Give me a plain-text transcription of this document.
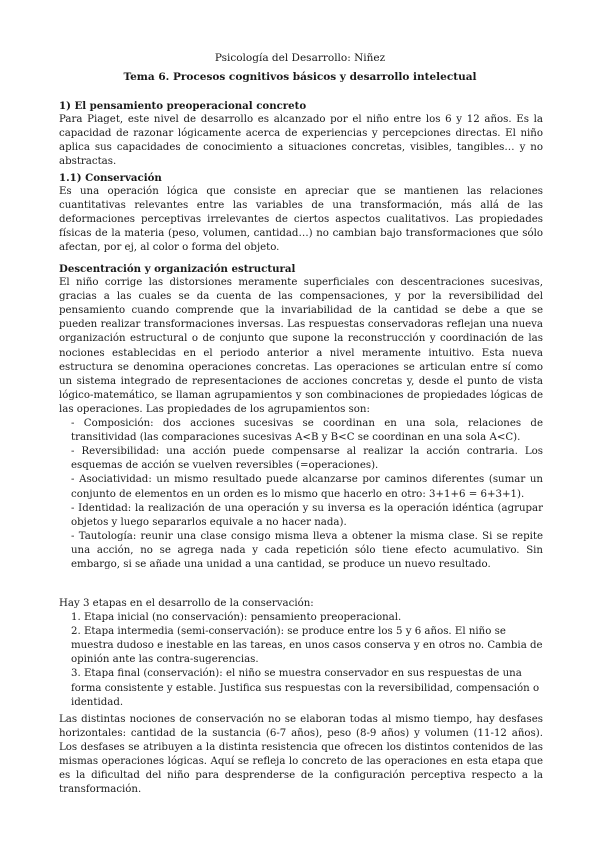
Psicología del Desarrollo: Niñez
Tema 6. Procesos cognitivos básicos y desarrollo intelectual
1) El pensamiento preoperacional concreto
Para Piaget, este nivel de desarrollo es alcanzado por el niño entre los 6 y 12 años. Es la capacidad de razonar lógicamente acerca de experiencias y percepciones directas. El niño aplica sus capacidades de conocimiento a situaciones concretas, visibles, tangibles… y no abstractas.
1.1) Conservación
Es una operación lógica que consiste en apreciar que se mantienen las relaciones cuantitativas relevantes entre las variables de una transformación, más allá de las deformaciones perceptivas irrelevantes de ciertos aspectos cualitativos. Las propiedades físicas de la materia (peso, volumen, cantidad…) no cambian bajo transformaciones que sólo afectan, por ej, al color o forma del objeto.
Descentración y organización estructural
El niño corrige las distorsiones meramente superficiales con descentraciones sucesivas, gracias a las cuales se da cuenta de las compensaciones, y por la reversibilidad del pensamiento cuando comprende que la invariabilidad de la cantidad se debe a que se pueden realizar transformaciones inversas. Las respuestas conservadoras reflejan una nueva organización estructural o de conjunto que supone la reconstrucción y coordinación de las nociones establecidas en el periodo anterior a nivel meramente intuitivo. Esta nueva estructura se denomina operaciones concretas. Las operaciones se articulan entre sí como un sistema integrado de representaciones de acciones concretas y, desde el punto de vista lógico-matemático, se llaman agrupamientos y son combinaciones de propiedades lógicas de las operaciones. Las propiedades de los agrupamientos son:
- Composición: dos acciones sucesivas se coordinan en una sola, relaciones de transitividad (las comparaciones sucesivas A<B y B<C se coordinan en una sola A<C).
- Reversibilidad: una acción puede compensarse al realizar la acción contraria. Los esquemas de acción se vuelven reversibles (=operaciones).
- Asociatividad: un mismo resultado puede alcanzarse por caminos diferentes (sumar un conjunto de elementos en un orden es lo mismo que hacerlo en otro: 3+1+6 = 6+3+1).
- Identidad: la realización de una operación y su inversa es la operación idéntica (agrupar objetos y luego separarlos equivale a no hacer nada).
- Tautología: reunir una clase consigo misma lleva a obtener la misma clase. Si se repite una acción, no se agrega nada y cada repetición sólo tiene efecto acumulativo. Sin embargo, si se añade una unidad a una cantidad, se produce un nuevo resultado.
Hay 3 etapas en el desarrollo de la conservación:
1. Etapa inicial (no conservación): pensamiento preoperacional.
2. Etapa intermedia (semi-conservación): se produce entre los 5 y 6 años. El niño se muestra dudoso e inestable en las tareas, en unos casos conserva y en otros no. Cambia de opinión ante las contra-sugerencias.
3. Etapa final (conservación): el niño se muestra conservador en sus respuestas de una forma consistente y estable. Justifica sus respuestas con la reversibilidad, compensación o identidad.
Las distintas nociones de conservación no se elaboran todas al mismo tiempo, hay desfases horizontales: cantidad de la sustancia (6-7 años), peso (8-9 años) y volumen (11-12 años). Los desfases se atribuyen a la distinta resistencia que ofrecen los distintos contenidos de las mismas operaciones lógicas. Aquí se refleja lo concreto de las operaciones en esta etapa que es la dificultad del niño para desprenderse de la configuración perceptiva respecto a la transformación.
